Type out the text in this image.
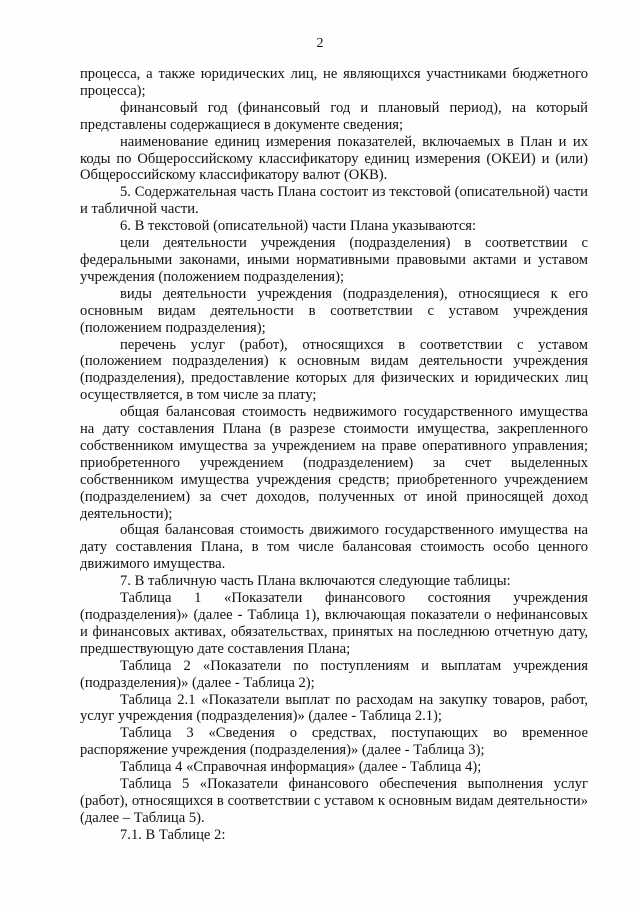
2

процесса, а также юридических лиц, не являющихся участниками бюджетного процесса);

финансовый год (финансовый год и плановый период), на который представлены содержащиеся в документе сведения;

наименование единиц измерения показателей, включаемых в План и их коды по Общероссийскому классификатору единиц измерения (ОКЕИ) и (или) Общероссийскому классификатору валют (ОКВ).

5. Содержательная часть Плана состоит из текстовой (описательной) части и табличной части.

6. В текстовой (описательной) части Плана указываются:

цели деятельности учреждения (подразделения) в соответствии с федеральными законами, иными нормативными правовыми актами и уставом учреждения (положением подразделения);

виды деятельности учреждения (подразделения), относящиеся к его основным видам деятельности в соответствии с уставом учреждения (положением подразделения);

перечень услуг (работ), относящихся в соответствии с уставом (положением подразделения) к основным видам деятельности учреждения (подразделения), предоставление которых для физических и юридических лиц осуществляется, в том числе за плату;

общая балансовая стоимость недвижимого государственного имущества на дату составления Плана (в разрезе стоимости имущества, закрепленного собственником имущества за учреждением на праве оперативного управления; приобретенного учреждением (подразделением) за счет выделенных собственником имущества учреждения средств; приобретенного учреждением (подразделением) за счет доходов, полученных от иной приносящей доход деятельности);

общая балансовая стоимость движимого государственного имущества на дату составления Плана, в том числе балансовая стоимость особо ценного движимого имущества.

7. В табличную часть Плана включаются следующие таблицы:

Таблица 1 «Показатели финансового состояния учреждения (подразделения)» (далее - Таблица 1), включающая показатели о нефинансовых и финансовых активах, обязательствах, принятых на последнюю отчетную дату, предшествующую дате составления Плана;

Таблица 2 «Показатели по поступлениям и выплатам учреждения (подразделения)» (далее - Таблица 2);

Таблица 2.1 «Показатели выплат по расходам на закупку товаров, работ, услуг учреждения (подразделения)» (далее - Таблица 2.1);

Таблица 3 «Сведения о средствах, поступающих во временное распоряжение учреждения (подразделения)» (далее - Таблица 3);

Таблица 4 «Справочная информация» (далее - Таблица 4);

Таблица 5 «Показатели финансового обеспечения выполнения услуг (работ), относящихся в соответствии с уставом к основным видам деятельности» (далее – Таблица 5).

7.1. В Таблице 2:
